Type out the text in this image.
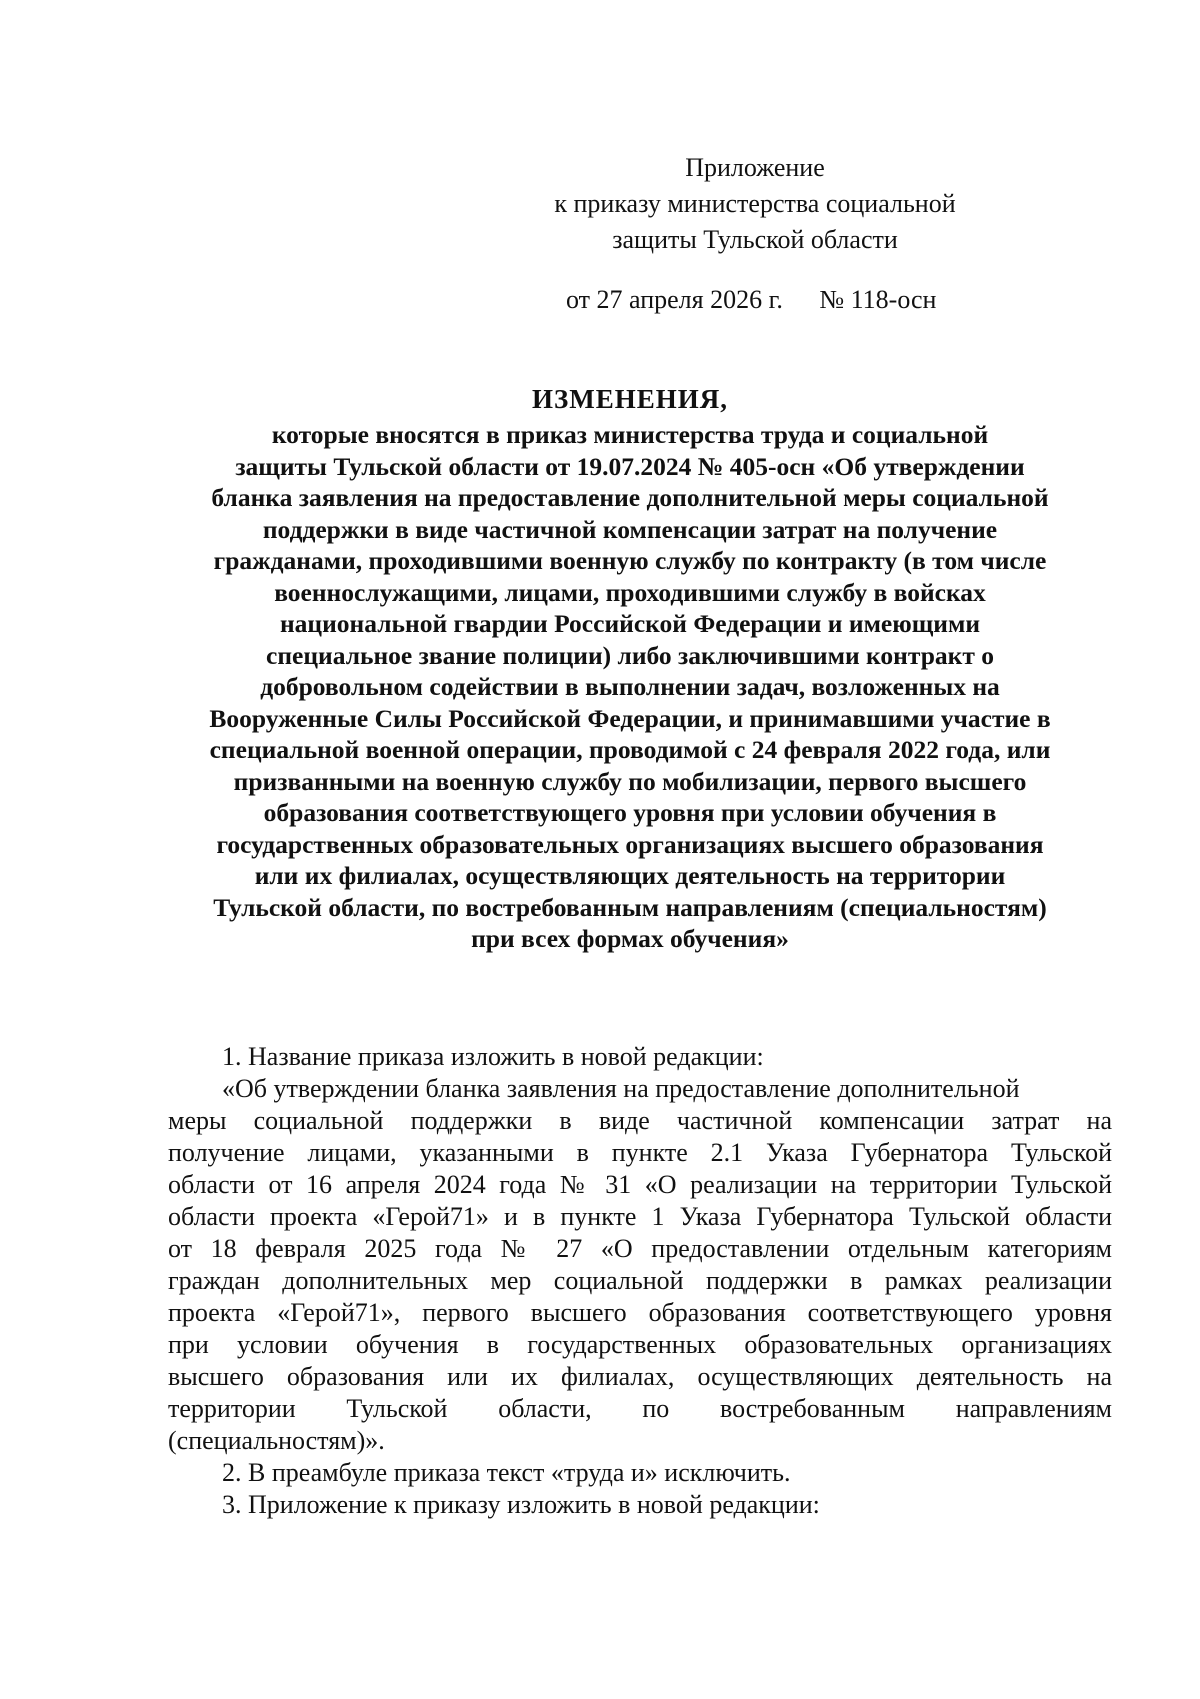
Приложение
к приказу министерства социальной
защиты Тульской области
от 27 апреля 2026 г. № 118-осн
ИЗМЕНЕНИЯ,
которые вносятся в приказ министерства труда и социальной
защиты Тульской области от 19.07.2024 № 405-осн «Об утверждении
бланка заявления на предоставление дополнительной меры социальной
поддержки в виде частичной компенсации затрат на получение
гражданами, проходившими военную службу по контракту (в том числе
военнослужащими, лицами, проходившими службу в войсках
национальной гвардии Российской Федерации и имеющими
специальное звание полиции) либо заключившими контракт о
добровольном содействии в выполнении задач, возложенных на
Вооруженные Силы Российской Федерации, и принимавшими участие в
специальной военной операции, проводимой с 24 февраля 2022 года, или
призванными на военную службу по мобилизации, первого высшего
образования соответствующего уровня при условии обучения в
государственных образовательных организациях высшего образования
или их филиалах, осуществляющих деятельность на территории
Тульской области, по востребованным направлениям (специальностям)
при всех формах обучения»

1. Название приказа изложить в новой редакции:

«Об утверждении бланка заявления на предоставление дополнительной
меры социальной поддержки в виде частичной компенсации затрат на
получение лицами, указанными в пункте 2.1 Указа Губернатора Тульской
области от 16 апреля 2024 года № 31 «О реализации на территории Тульской
области проекта «Герой71» и в пункте 1 Указа Губернатора Тульской области
от 18 февраля 2025 года № 27 «О предоставлении отдельным категориям
граждан дополнительных мер социальной поддержки в рамках реализации
проекта «Герой71», первого высшего образования соответствующего уровня
при условии обучения в государственных образовательных организациях
высшего образования или их филиалах, осуществляющих деятельность на
территории Тульской области, по востребованным направлениям
(специальностям)».

2. В преамбуле приказа текст «труда и» исключить.

3. Приложение к приказу изложить в новой редакции:
